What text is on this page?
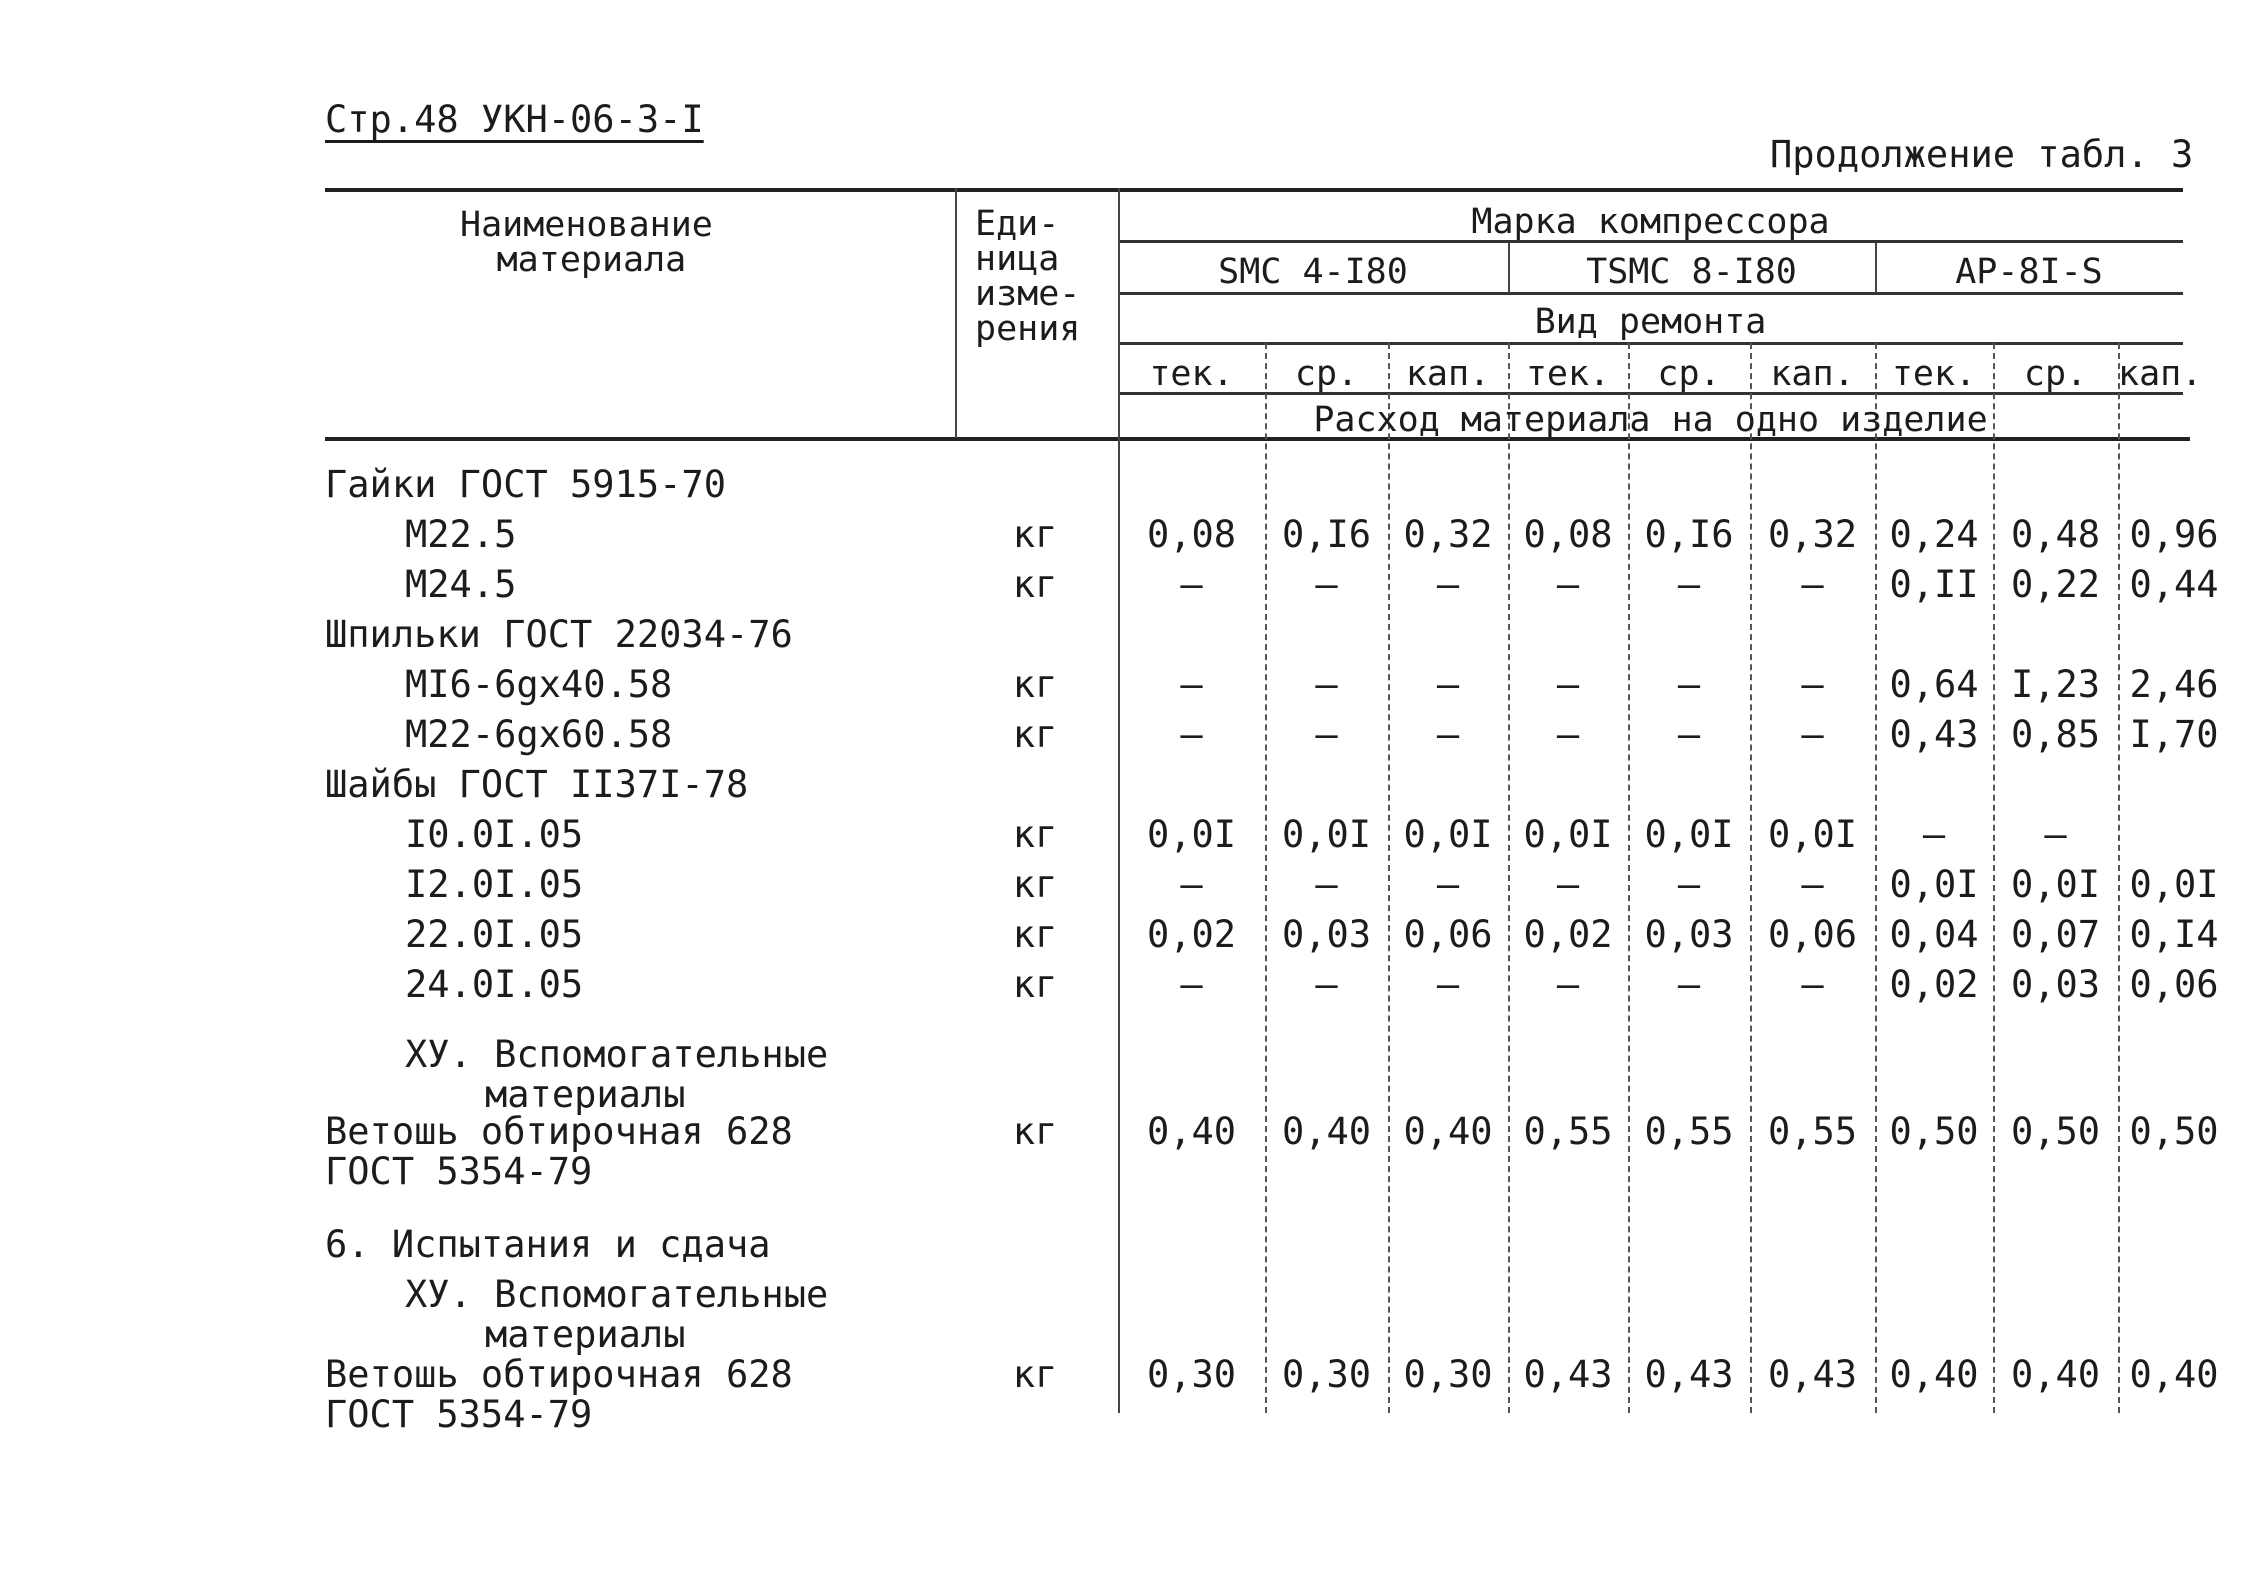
Стр.48 УКН-06-3-I
Продолжение табл. 3
Наименование
материала
Еди-
ница
изме-
рения
Марка компрессора
SMC 4-I80	TSMC 8-I80	AP-8I-S
Вид ремонта
тек.	ср.	кап.	тек.	ср.	кап.	тек.	ср. кап.
Расход материала на одно изделие
Гайки ГОСТ 5915-70
M22.5	кг	0,08	0,I6 0,32 0,08 0,I6 0,32 0,24 0,48 0,96
M24.5	кг	–	–	–	–	–	–	0,II 0,22 0,44
Шпильки ГОСТ 22034-76
MI6-6gx40.58	кг	–	–	–	–	–	–	0,64 I,23 2,46
M22-6gx60.58	кг	–	–	–	–	–	–	0,43 0,85 I,70
Шайбы ГОСТ II37I-78
I0.0I.05	кг	0,0I	0,0I 0,0I 0,0I 0,0I 0,0I	–	–
I2.0I.05	кг	–	–	–	–	–	–	0,0I 0,0I 0,0I
22.0I.05	кг	0,02	0,03 0,06 0,02 0,03 0,06 0,04 0,07 0,I4
24.0I.05	кг	–	–	–	–	–	–	0,02 0,03 0,06
ХУ. Вспомогательные
материалы
Ветошь обтирочная 628
ГОСТ 5354-79
кг	0,40	0,40 0,40 0,55 0,55 0,55 0,50 0,50 0,50
6. Испытания и сдача
ХУ. Вспомогательные
материалы
Ветошь обтирочная 628
ГОСТ 5354-79
кг	0,30	0,30 0,30 0,43 0,43 0,43 0,40 0,40 0,40
